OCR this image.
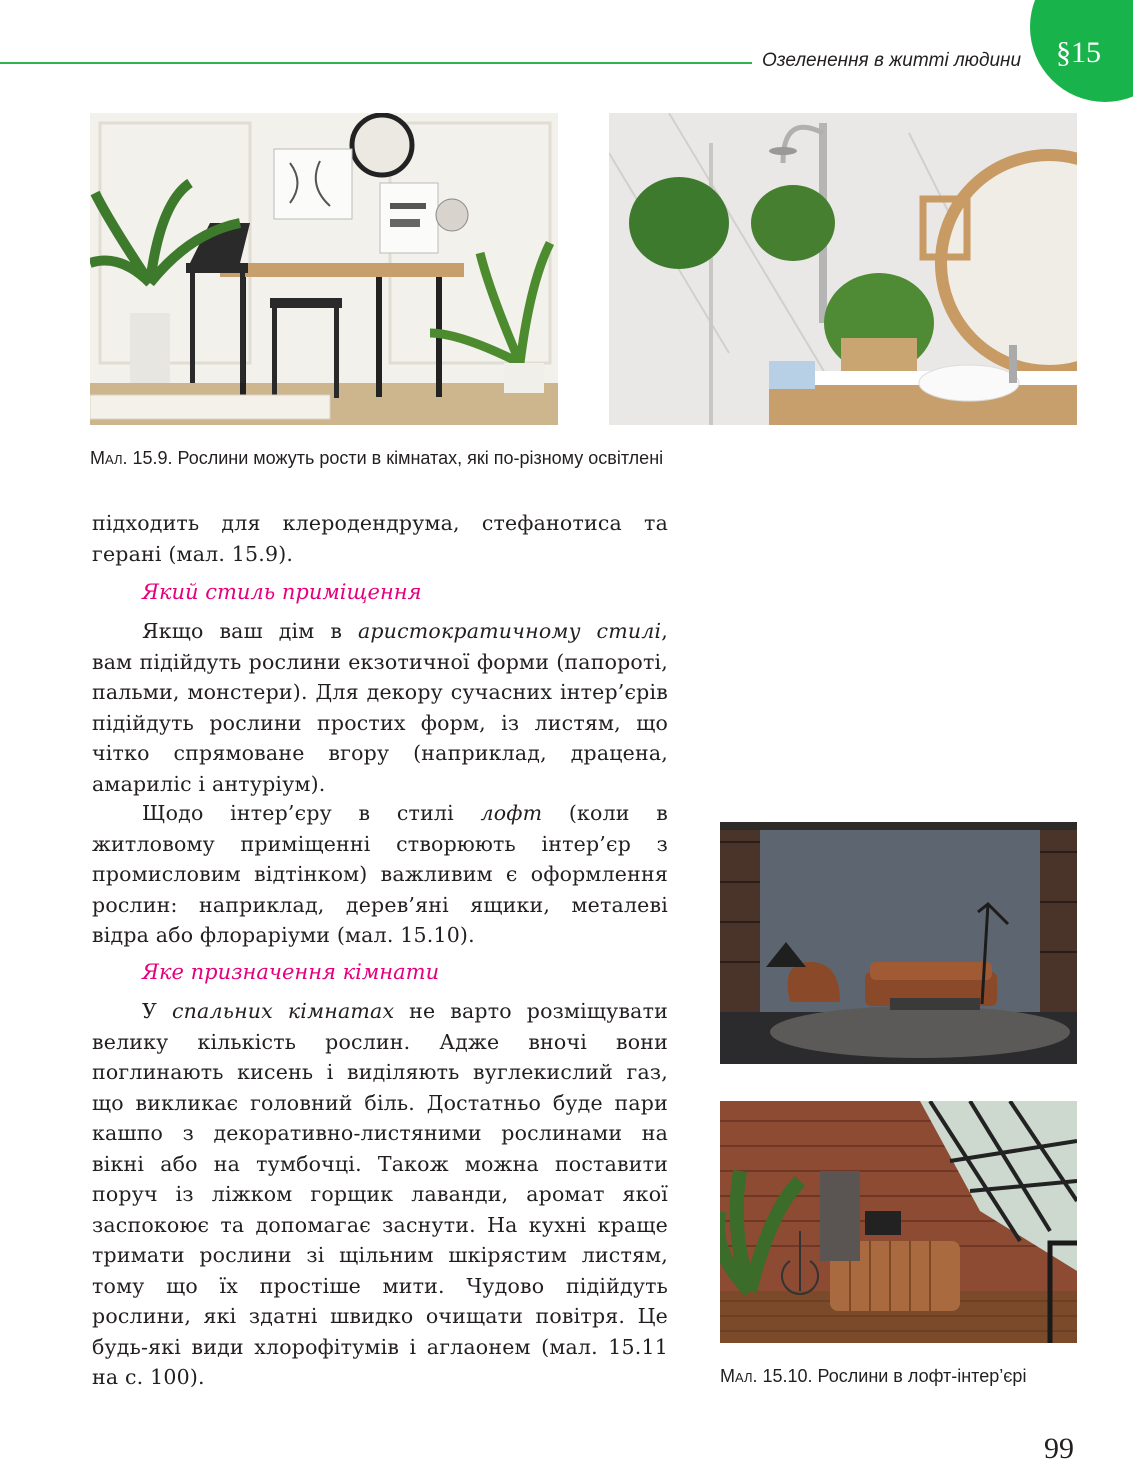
Озеленення в житті людини §15
Мал. 15.9. Рослини можуть рости в кімнатах, які по-різному освітлені

підходить для клеродендрума, стефанотиса та герані (мал. 15.9).

Який стиль приміщення

Якщо ваш дім в аристократичному стилі, вам підійдуть рослини екзотичної форми (папороті, пальми, монстери). Для декору сучасних інтер’єрів підійдуть рослини простих форм, із листям, що чітко спрямоване вгору (наприклад, драцена, амариліс і антуріум).

Щодо інтер’єру в стилі лофт (коли в житловому приміщенні створюють інтер’єр з промисловим відтінком) важливим є оформлення рослин: наприклад, дерев’яні ящики, металеві відра або флораріуми (мал. 15.10).

Яке призначення кімнати

У спальних кімнатах не варто розміщувати велику кількість рослин. Адже вночі вони поглинають кисень і виділяють вуглекислий газ, що викликає головний біль. Достатньо буде пари кашпо з декоративно-листяними рослинами на вікні або на тумбочці. Також можна поставити поруч із ліжком горщик лаванди, аромат якої заспокоює та допомагає заснути. На кухні краще тримати рослини зі щільним шкірястим листям, тому що їх простіше мити. Чудово підійдуть рослини, які здатні швидко очищати повітря. Це будь-які види хлорофітумів і аглаонем (мал. 15.11 на с. 100).	Мал. 15.10. Рослини в лофт-інтер’єрі
99
